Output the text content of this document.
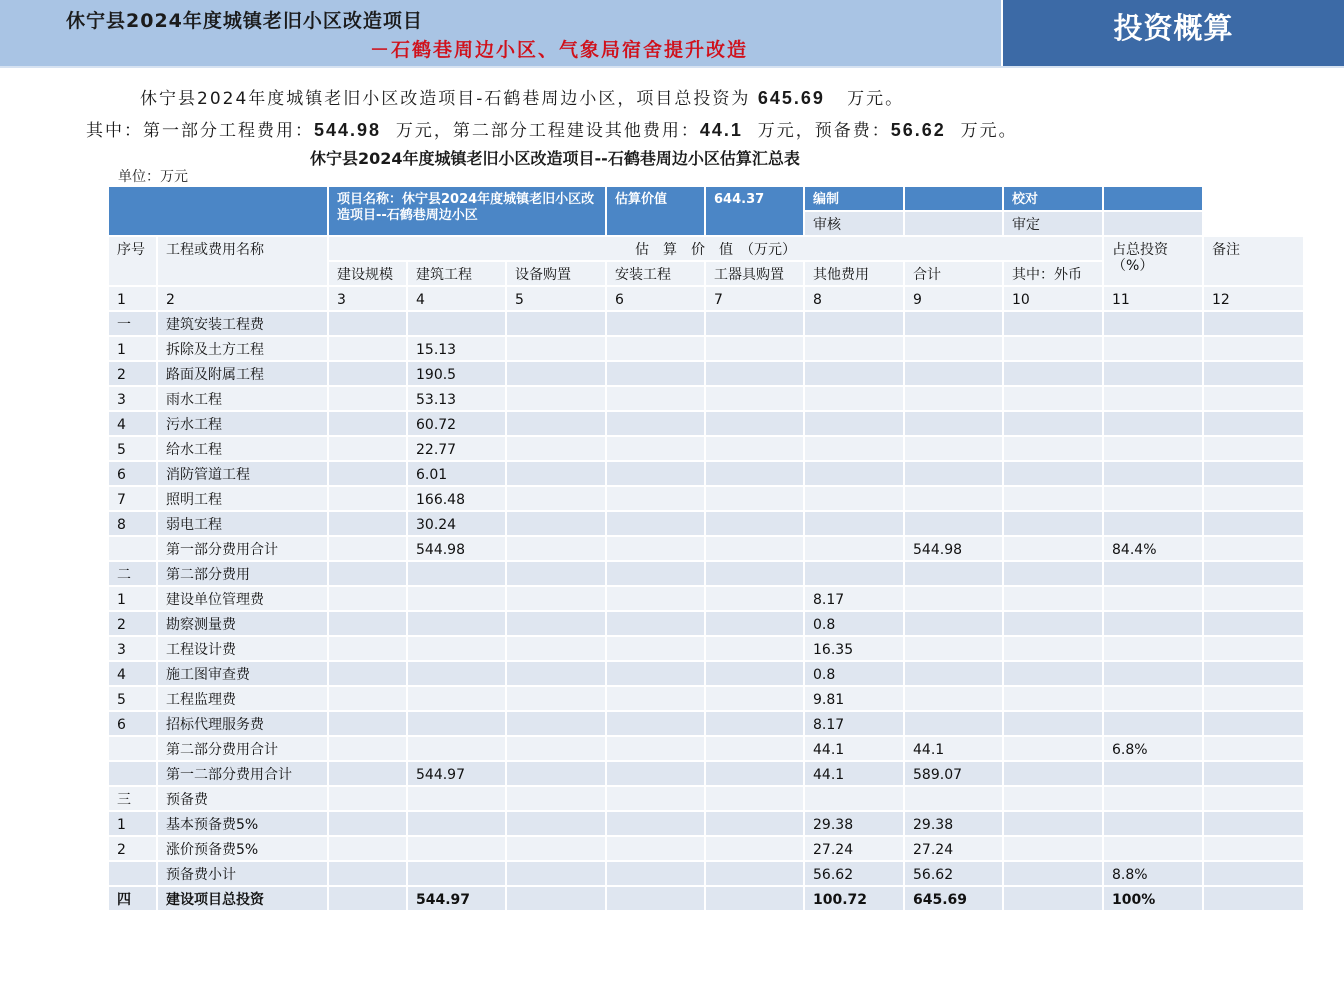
休宁县2024年度城镇老旧小区改造项目
－石鹤巷周边小区、气象局宿舍提升改造
投资概算
休宁县2024年度城镇老旧小区改造项目-石鹤巷周边小区，项目总投资为 645.69 万元。
其中：第一部分工程费用：544.98 万元，第二部分工程建设其他费用：44.1 万元，预备费：56.62 万元。
休宁县2024年度城镇老旧小区改造项目--石鹤巷周边小区估算汇总表
单位：万元
		项目名称：休宁县2024年度城镇老旧小区改造项目--石鹤巷周边小区			估算价值	644.37	编制		校对		
							审核		审定		
序号	工程或费用名称	估　算　价　值　（万元）								占总投资（%）	备注
		建设规模	建筑工程	设备购置	安装工程	工器具购置	其他费用	合计	其中：外币		
1	2	3	4	5	6	7	8	9	10	11	12
一	建筑安装工程费										
1	拆除及土方工程		15.13								
2	路面及附属工程		190.5								
3	雨水工程		53.13								
4	污水工程		60.72								
5	给水工程		22.77								
6	消防管道工程		6.01								
7	照明工程		166.48								
8	弱电工程		30.24								
	第一部分费用合计		544.98					544.98		84.4%	
二	第二部分费用										
1	建设单位管理费						8.17				
2	勘察测量费						0.8				
3	工程设计费						16.35				
4	施工图审查费						0.8				
5	工程监理费						9.81				
6	招标代理服务费						8.17				
	第二部分费用合计						44.1	44.1		6.8%	
	第一二部分费用合计		544.97				44.1	589.07			
三	预备费										
1	基本预备费5%						29.38	29.38			
2	涨价预备费5%						27.24	27.24			
	预备费小计						56.62	56.62		8.8%	
四	建设项目总投资		544.97				100.72	645.69		100%	
